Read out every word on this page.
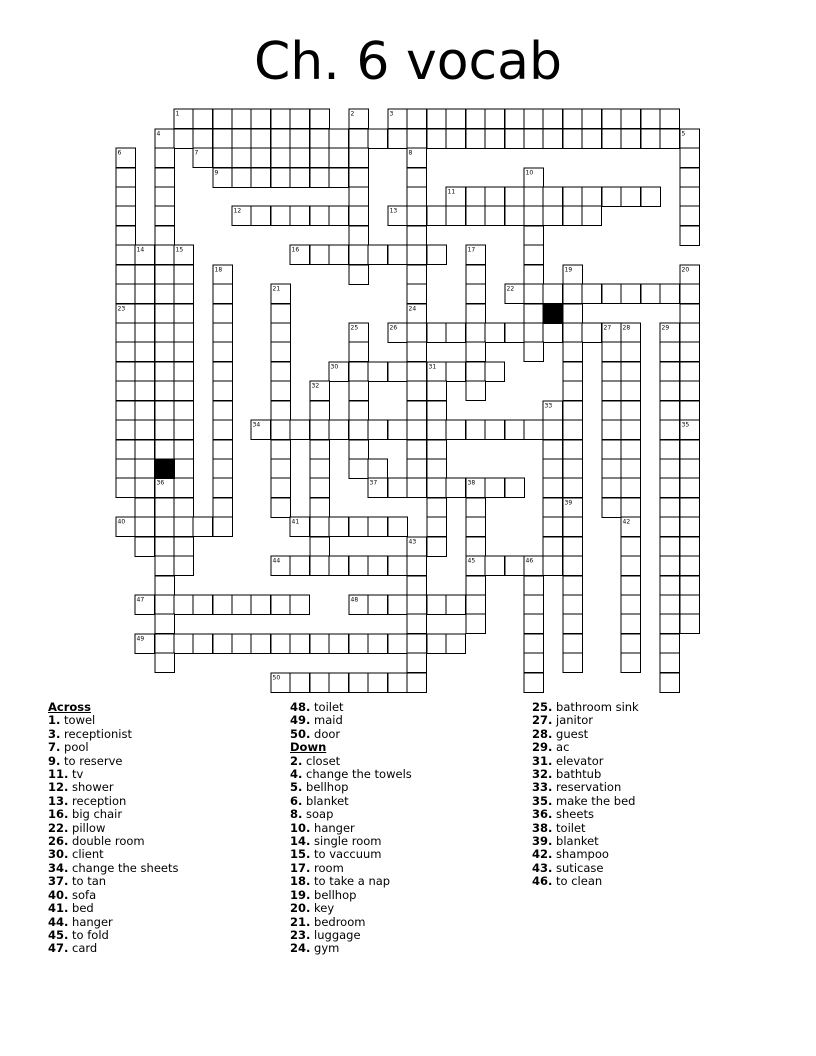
Ch. 6 vocab
1	2	3
4	5
6	7	8
9	10
11
12	13
14	15	16	17
18	19	20
21	22
23	24
25	26	27 28	29
30	31
32
33
34	35
36	37	38
39
40	41	42
43
44	45	46
47	48
49
50
Across
1. towel
3. receptionist
7. pool
9. to reserve
11. tv
12. shower
13. reception
16. big chair
22. pillow
26. double room
30. client
34. change the sheets
37. to tan
40. sofa
41. bed
44. hanger
45. to fold
47. card
48. toilet
49. maid
50. door
Down
2. closet
4. change the towels
5. bellhop
6. blanket
8. soap
10. hanger
14. single room
15. to vaccuum
17. room
18. to take a nap
19. bellhop
20. key
21. bedroom
23. luggage
24. gym
25. bathroom sink
27. janitor
28. guest
29. ac
31. elevator
32. bathtub
33. reservation
35. make the bed
36. sheets
38. toilet
39. blanket
42. shampoo
43. suticase
46. to clean
